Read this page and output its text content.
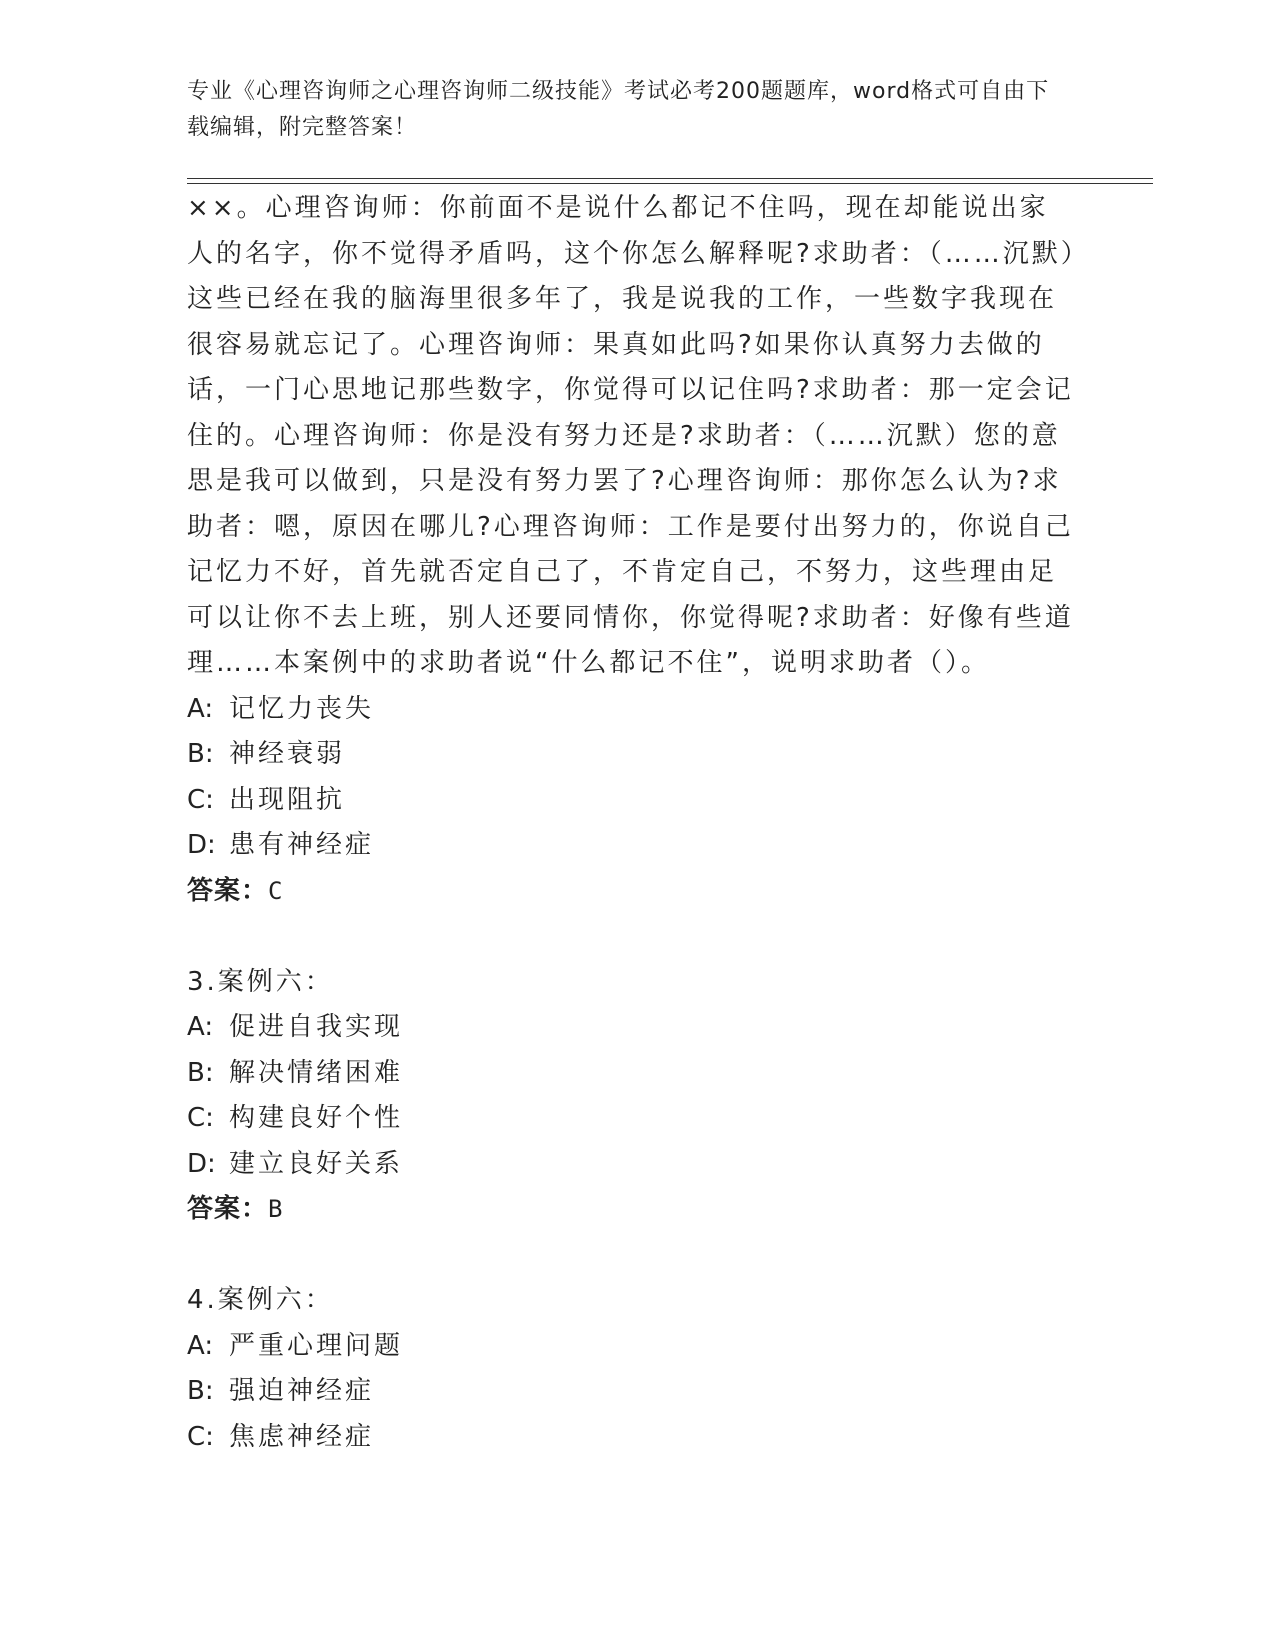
专业《心理咨询师之心理咨询师二级技能》考试必考200题题库，word格式可自由下载编辑，附完整答案！

××。心理咨询师：你前面不是说什么都记不住吗，现在却能说出家人的名字，你不觉得矛盾吗，这个你怎么解释呢?求助者：（……沉默）这些已经在我的脑海里很多年了，我是说我的工作，一些数字我现在很容易就忘记了。心理咨询师：果真如此吗?如果你认真努力去做的话，一门心思地记那些数字，你觉得可以记住吗?求助者：那一定会记住的。心理咨询师：你是没有努力还是?求助者：（……沉默）您的意思是我可以做到，只是没有努力罢了?心理咨询师：那你怎么认为?求助者：嗯，原因在哪儿?心理咨询师：工作是要付出努力的，你说自己记忆力不好，首先就否定自己了，不肯定自己，不努力，这些理由足可以让你不去上班，别人还要同情你，你觉得呢?求助者：好像有些道理……本案例中的求助者说“什么都记不住”，说明求助者（）。

A: 记忆力丧失
B: 神经衰弱
C: 出现阻抗
D: 患有神经症
答案：C
3.案例六：
A: 促进自我实现
B: 解决情绪困难
C: 构建良好个性
D: 建立良好关系
答案：B
4.案例六：
A: 严重心理问题
B: 强迫神经症
C: 焦虑神经症
